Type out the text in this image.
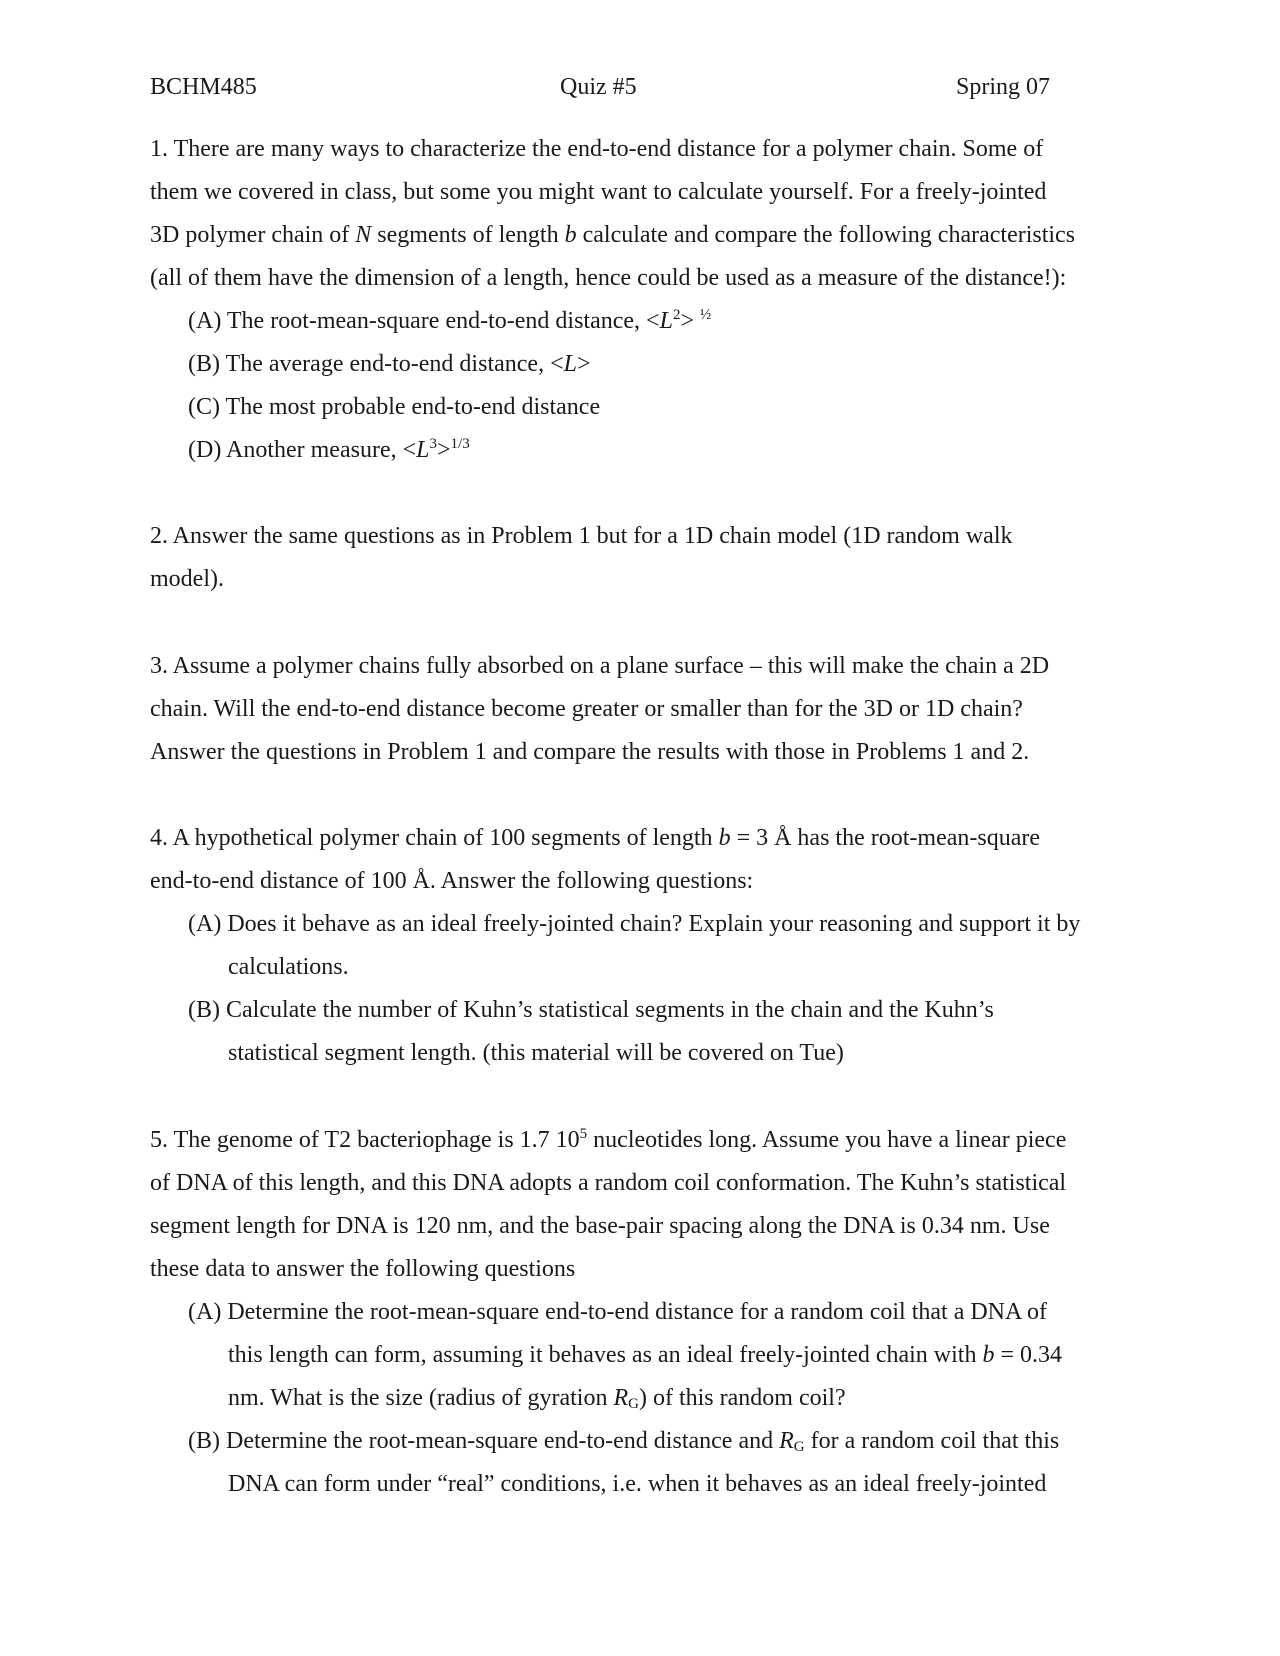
BCHM485	Quiz #5	Spring 07
1. There are many ways to characterize the end-to-end distance for a polymer chain. Some of
them we covered in class, but some you might want to calculate yourself. For a freely-jointed
3D polymer chain of N segments of length b calculate and compare the following characteristics
(all of them have the dimension of a length, hence could be used as a measure of the distance!):
(A) The root-mean-square end-to-end distance, $<L^2> ^{\frac{1}{2}}$
(B) The average end-to-end distance, <L>
(C) The most probable end-to-end distance
(D) Another measure, $<L^3>^{1/3}$
2. Answer the same questions as in Problem 1 but for a 1D chain model (1D random walk
model).
3. Assume a polymer chains fully absorbed on a plane surface – this will make the chain a 2D
chain. Will the end-to-end distance become greater or smaller than for the 3D or 1D chain?
Answer the questions in Problem 1 and compare the results with those in Problems 1 and 2.
4. A hypothetical polymer chain of 100 segments of length b = 3 Å has the root-mean-square
end-to-end distance of 100 Å. Answer the following questions:
(A) Does it behave as an ideal freely-jointed chain? Explain your reasoning and support it by
calculations.
(B) Calculate the number of Kuhn’s statistical segments in the chain and the Kuhn’s
statistical segment length. (this material will be covered on Tue)
5. The genome of T2 bacteriophage is 1.7 $10^5$ nucleotides long. Assume you have a linear piece
of DNA of this length, and this DNA adopts a random coil conformation. The Kuhn’s statistical
segment length for DNA is 120 nm, and the base-pair spacing along the DNA is 0.34 nm. Use
these data to answer the following questions
(A) Determine the root-mean-square end-to-end distance for a random coil that a DNA of
this length can form, assuming it behaves as an ideal freely-jointed chain with b = 0.34
nm. What is the size (radius of gyration $R_G$) of this random coil?
(B) Determine the root-mean-square end-to-end distance and $R_G$ for a random coil that this
DNA can form under “real” conditions, i.e. when it behaves as an ideal freely-jointed
